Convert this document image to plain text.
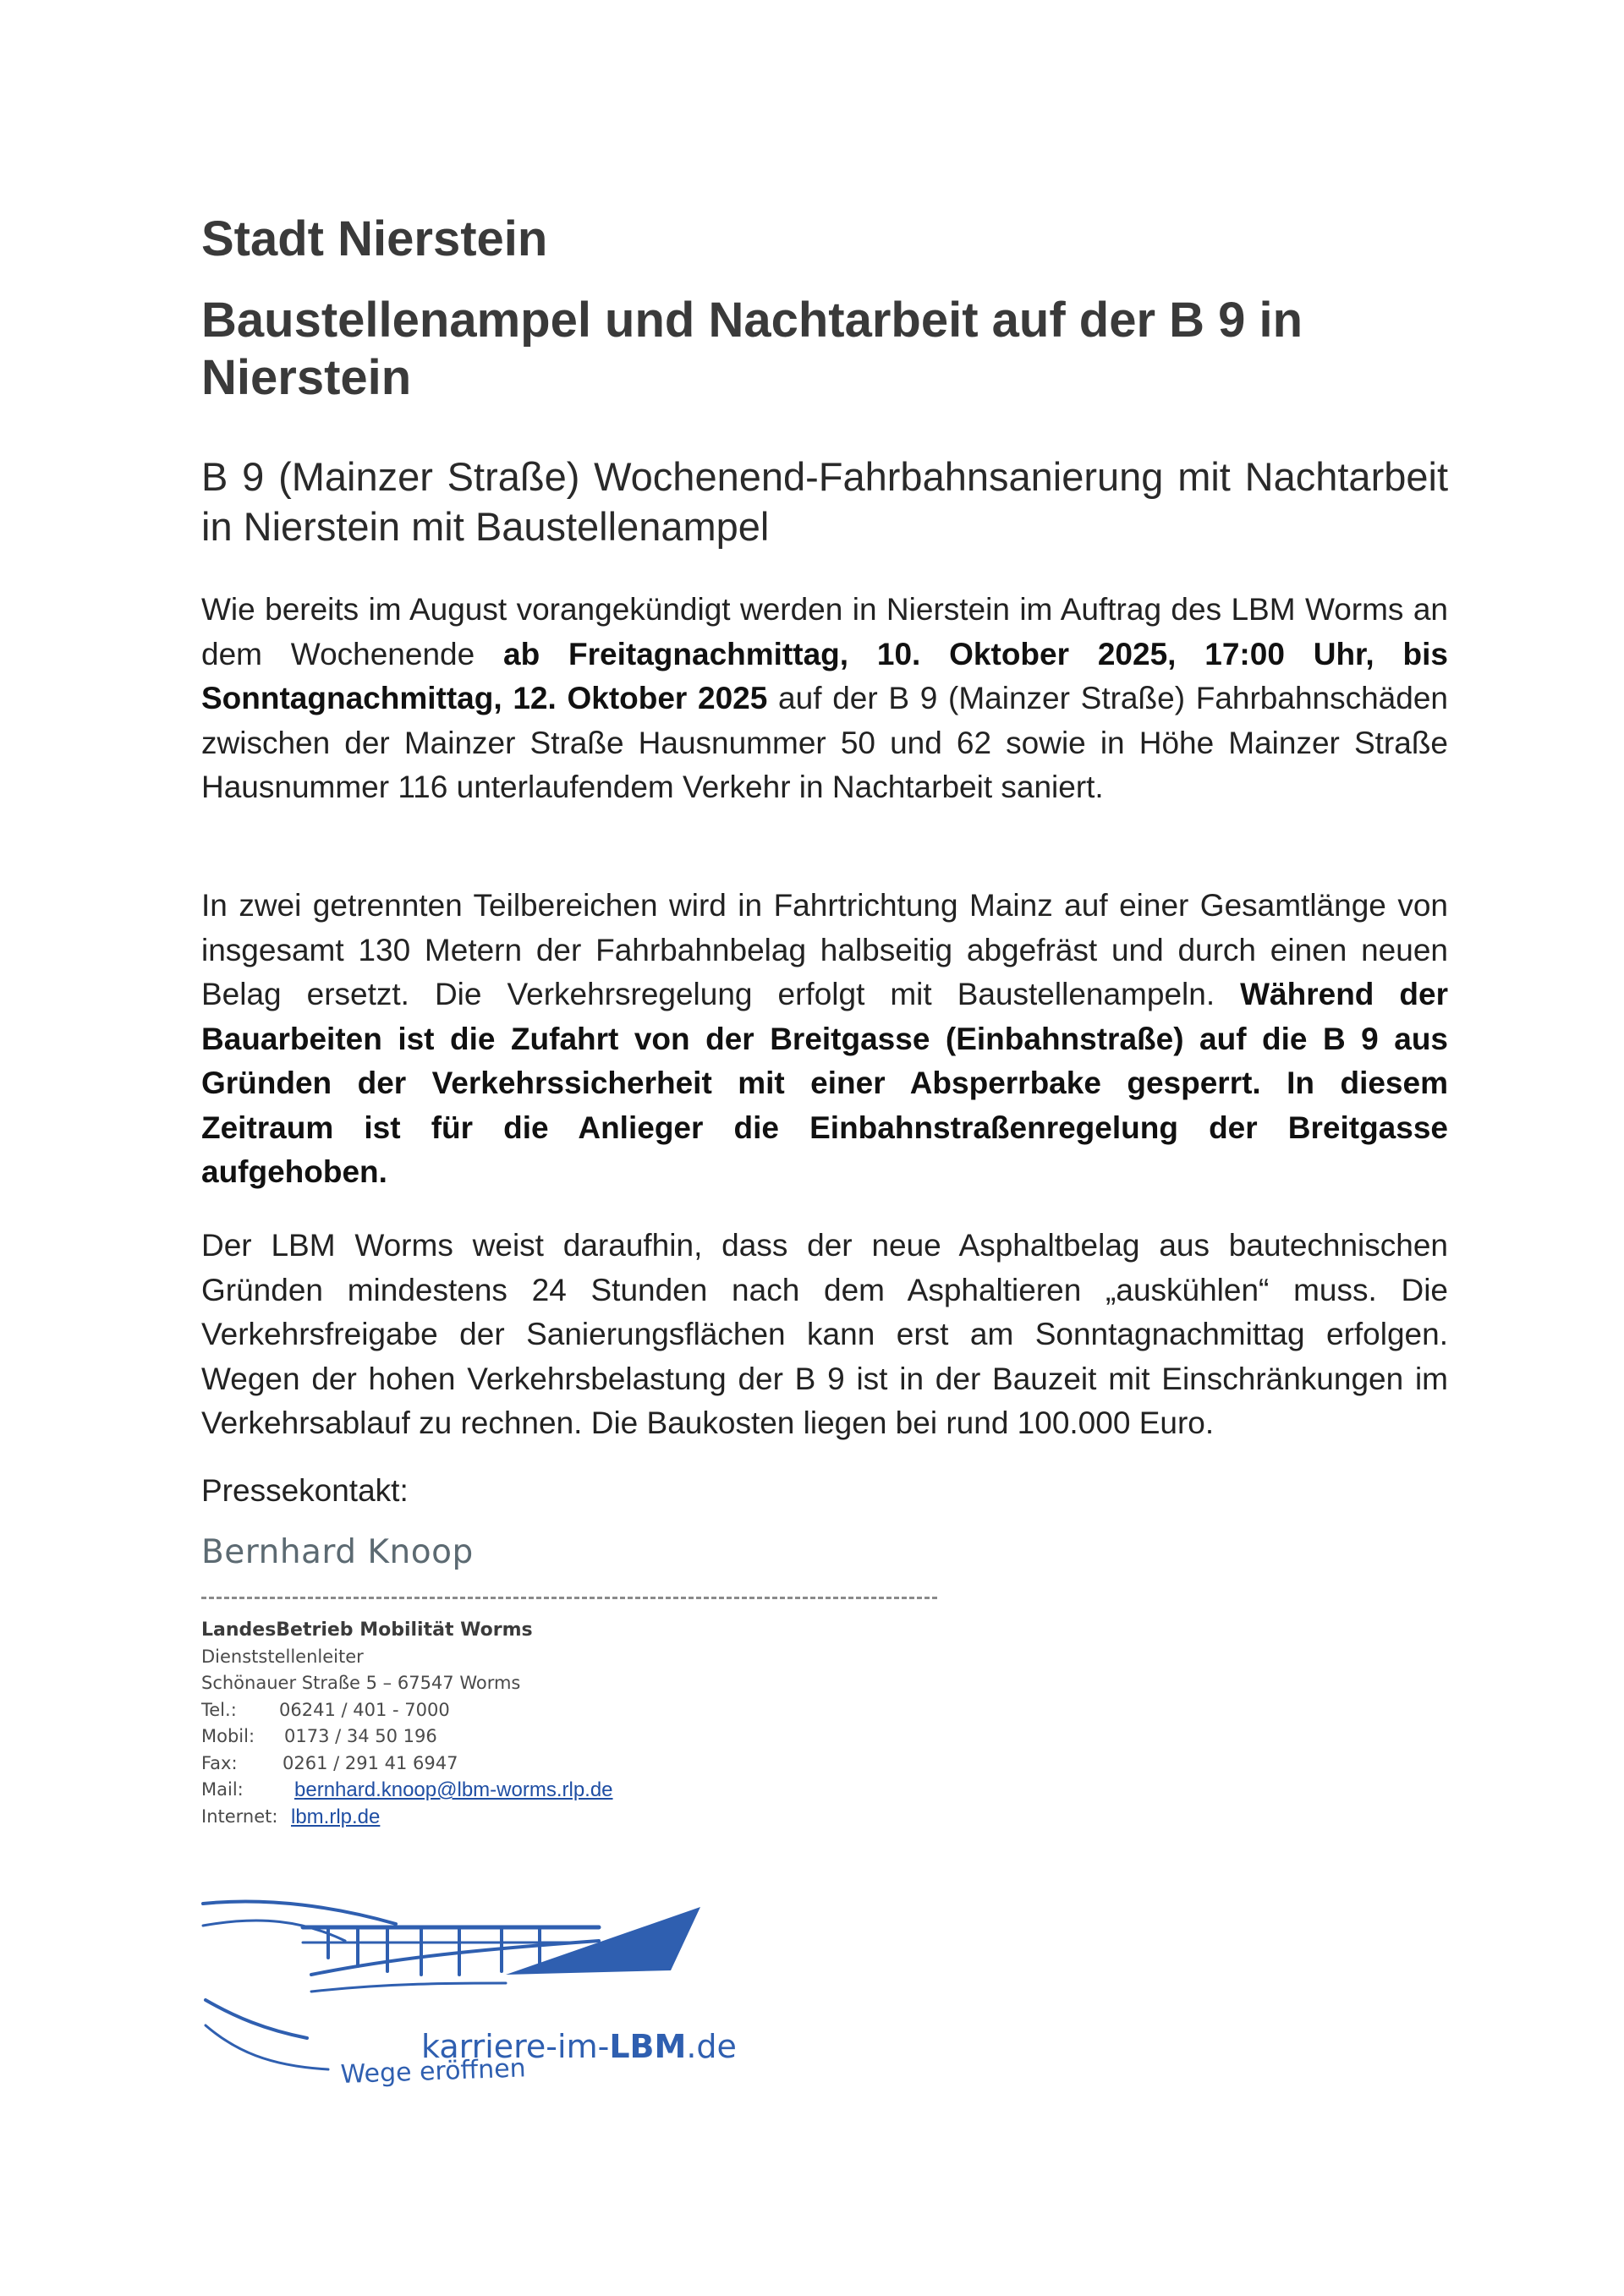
Stadt Nierstein
Baustellenampel und Nachtarbeit auf der B 9 in Nierstein
B 9 (Mainzer Straße) Wochenend-Fahrbahnsanierung mit Nachtarbeit in Nierstein mit Baustellenampel

Wie bereits im August vorangekündigt werden in Nierstein im Auftrag des LBM Worms an dem Wochenende ab Freitagnachmittag, 10. Oktober 2025, 17:00 Uhr, bis Sonntagnachmittag, 12. Oktober 2025 auf der B 9 (Mainzer Straße) Fahrbahnschäden zwischen der Mainzer Straße Hausnummer 50 und 62 sowie in Höhe Mainzer Straße Hausnummer 116 unterlaufendem Verkehr in Nachtarbeit saniert.

In zwei getrennten Teilbereichen wird in Fahrtrichtung Mainz auf einer Gesamtlänge von insgesamt 130 Metern der Fahrbahnbelag halbseitig abgefräst und durch einen neuen Belag ersetzt. Die Verkehrsregelung erfolgt mit Baustellenampeln. Während der Bauarbeiten ist die Zufahrt von der Breitgasse (Einbahnstraße) auf die B 9 aus Gründen der Verkehrssicherheit mit einer Absperrbake gesperrt. In diesem Zeitraum ist für die Anlieger die Einbahnstraßenregelung der Breitgasse aufgehoben.

Der LBM Worms weist daraufhin, dass der neue Asphaltbelag aus bautechnischen Gründen mindestens 24 Stunden nach dem Asphaltieren „auskühlen“ muss. Die Verkehrsfreigabe der Sanierungsflächen kann erst am Sonntagnachmittag erfolgen. Wegen der hohen Verkehrsbelastung der B 9 ist in der Bauzeit mit Einschränkungen im Verkehrsablauf zu rechnen. Die Baukosten liegen bei rund 100.000 Euro.

Pressekontakt:
Bernhard Knoop
LandesBetrieb Mobilität Worms
Dienststellenleiter
Schönauer Straße 5 – 67547 Worms
Tel.:	06241 / 401 - 7000
Mobil:	0173 / 34 50 196
Fax:	0261 / 291 41 6947
Mail:	bernhard.knoop@lbm-worms.rlp.de
Internet: lbm.rlp.de
karriere-im-LBM.de
Wege eröffnen
